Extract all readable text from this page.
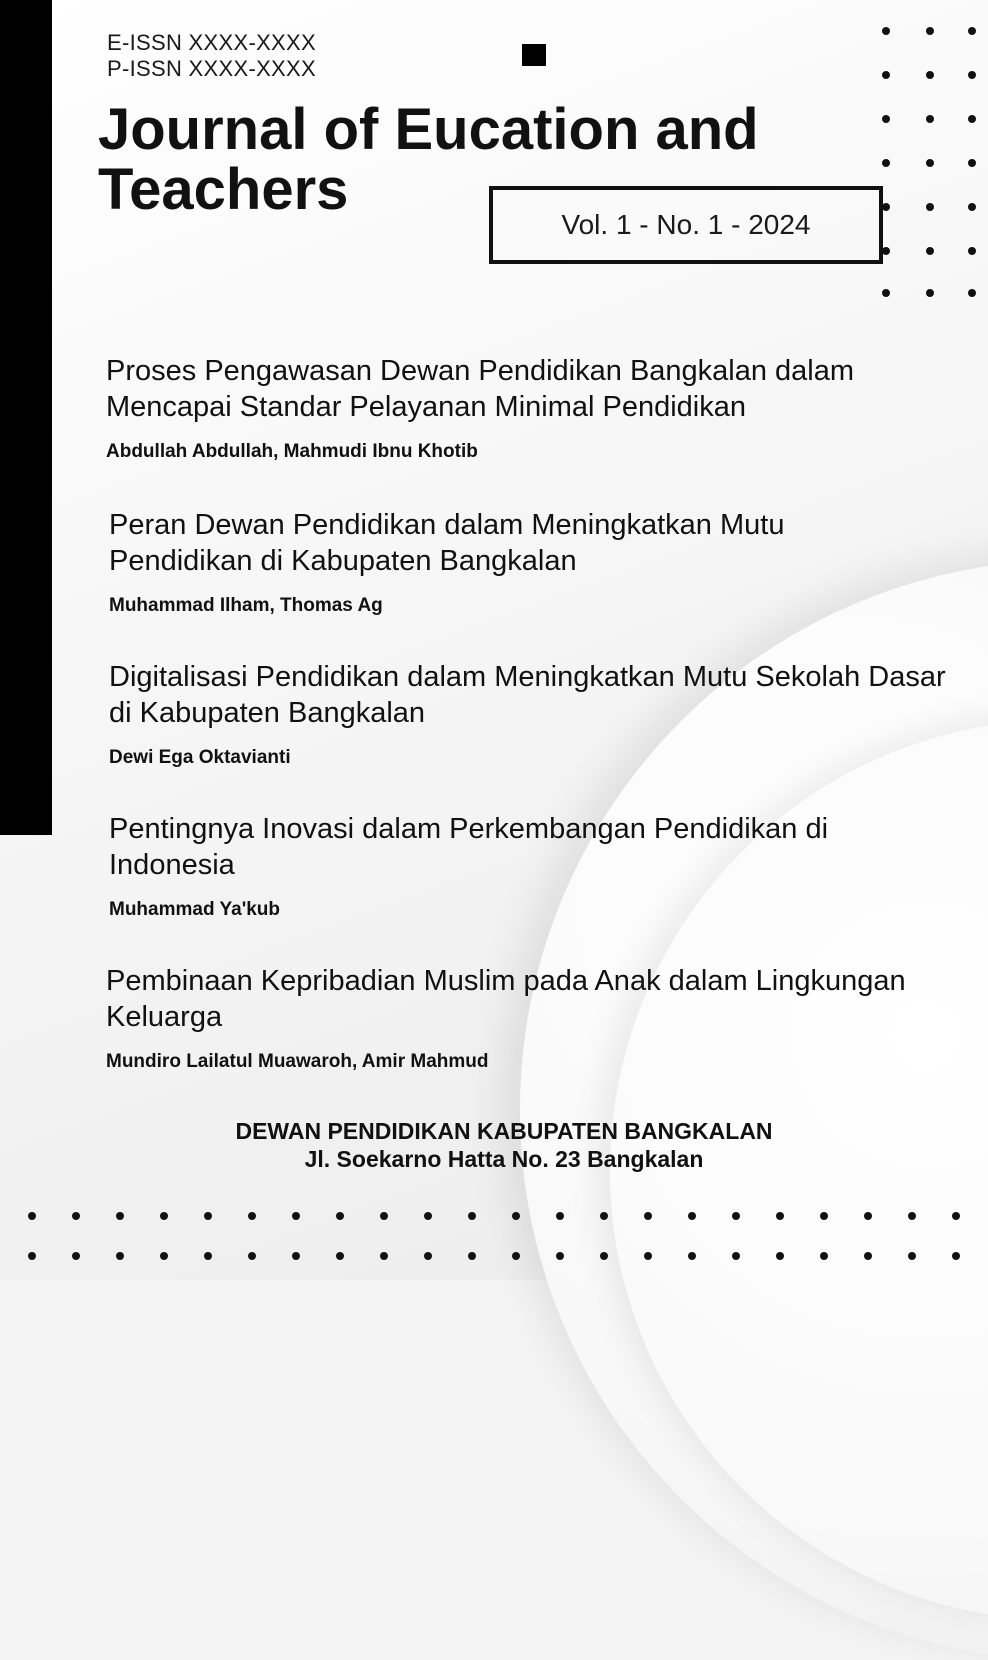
E-ISSN XXXX-XXXX
P-ISSN XXXX-XXXX
Journal of Eucation and Teachers
Vol. 1 - No. 1 - 2024
Proses Pengawasan Dewan Pendidikan Bangkalan dalam Mencapai Standar Pelayanan Minimal Pendidikan
Abdullah Abdullah, Mahmudi Ibnu Khotib
Peran Dewan Pendidikan dalam Meningkatkan Mutu Pendidikan di Kabupaten Bangkalan
Muhammad Ilham, Thomas Ag
Digitalisasi Pendidikan dalam Meningkatkan Mutu Sekolah Dasar di Kabupaten Bangkalan
Dewi Ega Oktavianti
Pentingnya Inovasi dalam Perkembangan Pendidikan di Indonesia
Muhammad Ya'kub
Pembinaan Kepribadian Muslim pada Anak dalam Lingkungan Keluarga
Mundiro Lailatul Muawaroh, Amir Mahmud
DEWAN PENDIDIKAN KABUPATEN BANGKALAN
Jl. Soekarno Hatta No. 23 Bangkalan
